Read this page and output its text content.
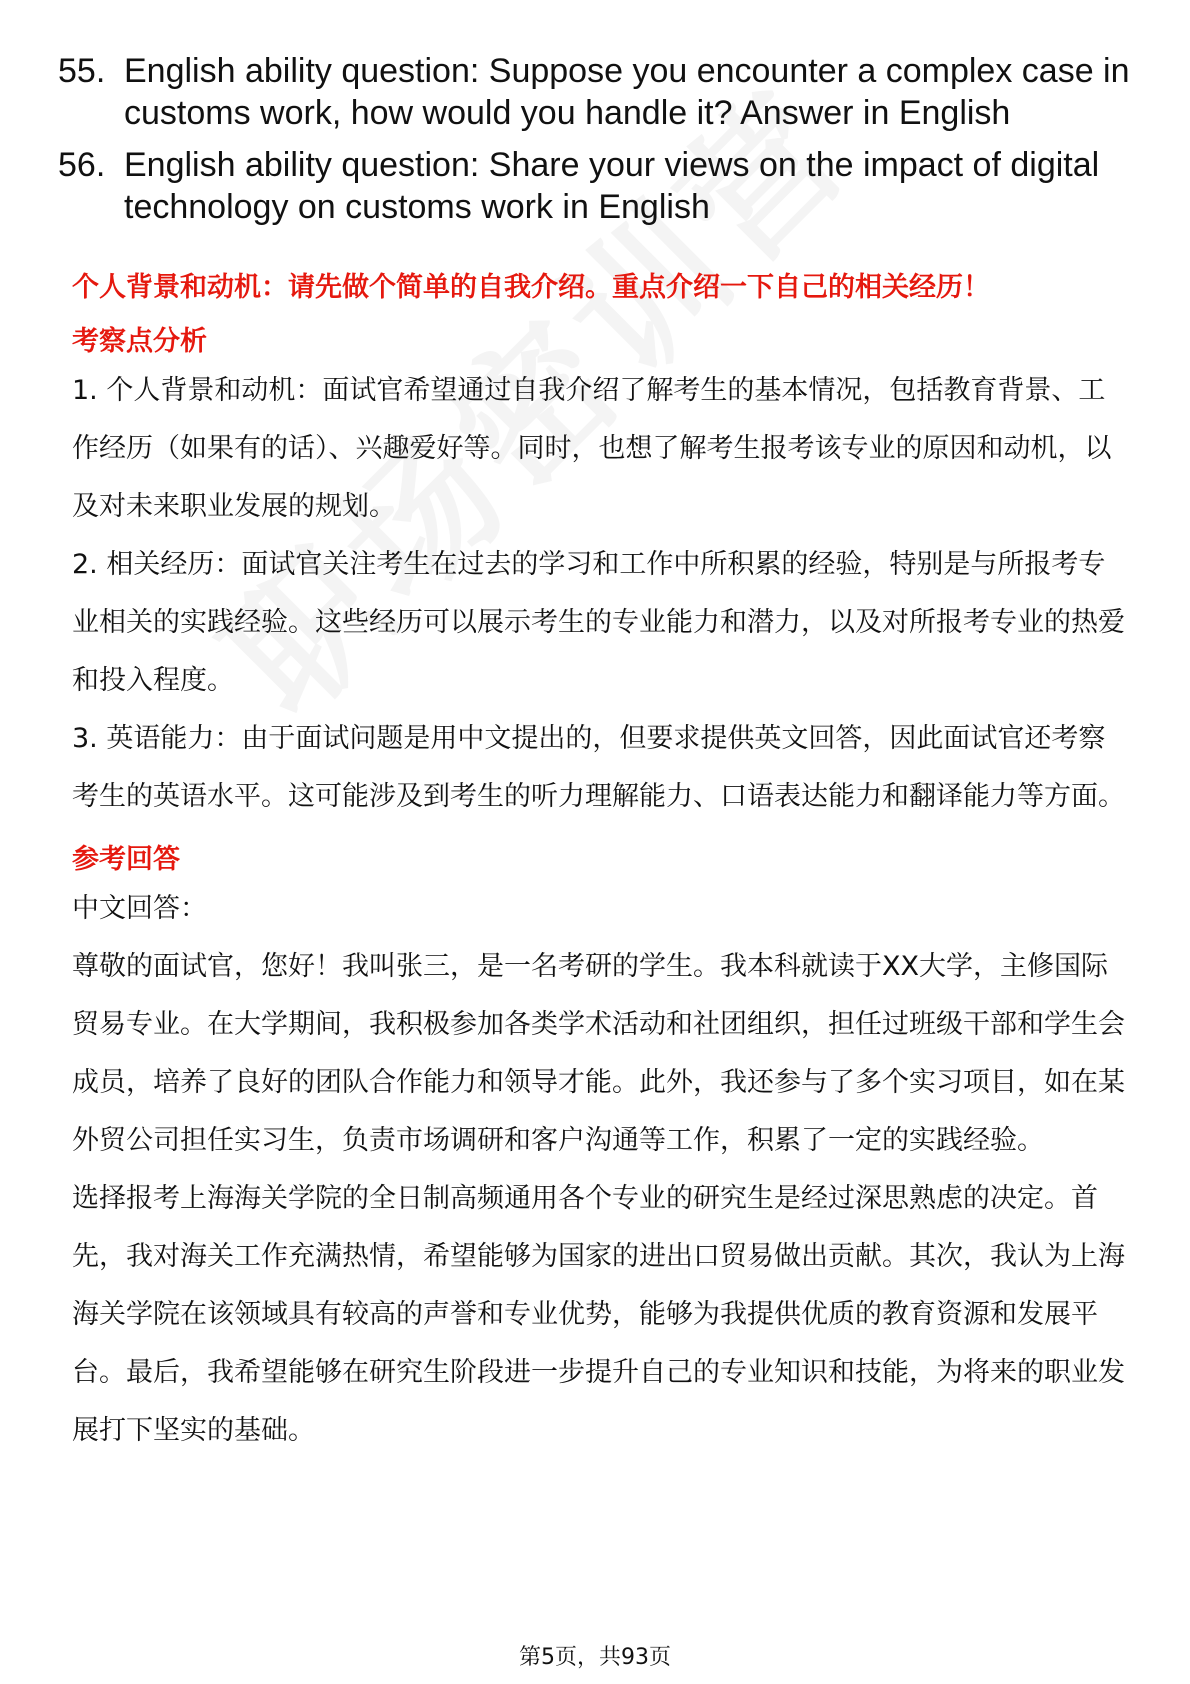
55. English ability question: Suppose you encounter a complex case in customs work, how would you handle it? Answer in English
56. English ability question: Share your views on the impact of digital technology on customs work in English
个人背景和动机：请先做个简单的自我介绍。重点介绍一下自己的相关经历！
考察点分析
1. 个人背景和动机：面试官希望通过自我介绍了解考生的基本情况，包括教育背景、工作经历（如果有的话）、兴趣爱好等。同时，也想了解考生报考该专业的原因和动机，以及对未来职业发展的规划。
2. 相关经历：面试官关注考生在过去的学习和工作中所积累的经验，特别是与所报考专业相关的实践经验。这些经历可以展示考生的专业能力和潜力，以及对所报考专业的热爱和投入程度。
3. 英语能力：由于面试问题是用中文提出的，但要求提供英文回答，因此面试官还考察考生的英语水平。这可能涉及到考生的听力理解能力、口语表达能力和翻译能力等方面。
参考回答
中文回答：
尊敬的面试官，您好！我叫张三，是一名考研的学生。我本科就读于XX大学，主修国际贸易专业。在大学期间，我积极参加各类学术活动和社团组织，担任过班级干部和学生会成员，培养了良好的团队合作能力和领导才能。此外，我还参与了多个实习项目，如在某外贸公司担任实习生，负责市场调研和客户沟通等工作，积累了一定的实践经验。
选择报考上海海关学院的全日制高频通用各个专业的研究生是经过深思熟虑的决定。首先，我对海关工作充满热情，希望能够为国家的进出口贸易做出贡献。其次，我认为上海海关学院在该领域具有较高的声誉和专业优势，能够为我提供优质的教育资源和发展平台。最后，我希望能够在研究生阶段进一步提升自己的专业知识和技能，为将来的职业发展打下坚实的基础。
第5页，共93页
